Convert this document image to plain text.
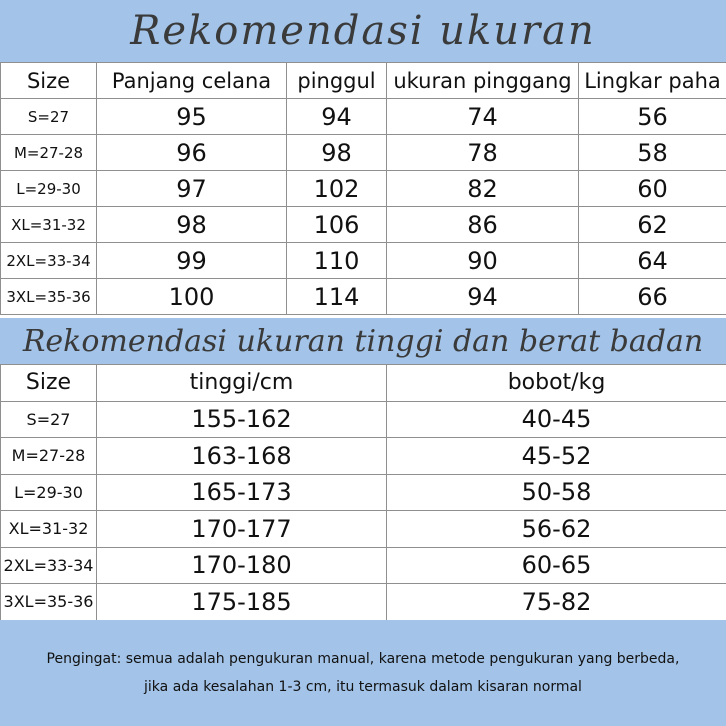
Rekomendasi ukuran
Size	Panjang celana	pinggul	ukuran pinggang	Lingkar paha
S=27	95	94	74	56
M=27-28	96	98	78	58
L=29-30	97	102	82	60
XL=31-32	98	106	86	62
2XL=33-34	99	110	90	64
3XL=35-36	100	114	94	66
Rekomendasi ukuran tinggi dan berat badan
Size	tinggi/cm	bobot/kg
S=27	155-162	40-45
M=27-28	163-168	45-52
L=29-30	165-173	50-58
XL=31-32	170-177	56-62
2XL=33-34	170-180	60-65
3XL=35-36	175-185	75-82
Pengingat: semua adalah pengukuran manual, karena metode pengukuran yang berbeda,
jika ada kesalahan 1-3 cm, itu termasuk dalam kisaran normal
